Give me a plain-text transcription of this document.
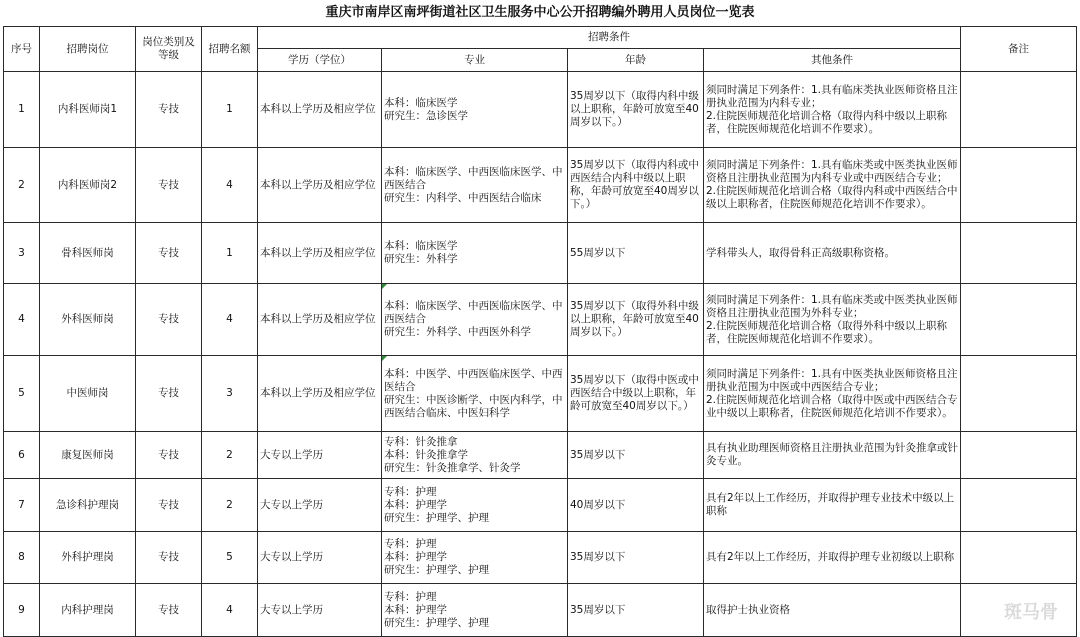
重庆市南岸区南坪街道社区卫生服务中心公开招聘编外聘用人员岗位一览表
序号	招聘岗位	岗位类别及等级	招聘名额	招聘条件				备注
				学历（学位）	专业	年龄	其他条件	
1	内科医师岗1	专技	1	本科以上学历及相应学位	本科：临床医学
研究生：急诊医学	35周岁以下（取得内科中级以上职称，年龄可放宽至40周岁以下。）	须同时满足下列条件：1.具有临床类执业医师资格且注册执业范围为内科专业；
2.住院医师规范化培训合格（取得内科中级以上职称者，住院医师规范化培训不作要求）。	

2	内科医师岗2	专技	4	本科以上学历及相应学位	本科：临床医学、中西医临床医学、中西医结合
研究生：内科学、中西医结合临床	35周岁以下（取得内科或中西医结合内科中级以上职称，年龄可放宽至40周岁以下。）	须同时满足下列条件：1.具有临床类或中医类执业医师资格且注册执业范围为内科专业或中西医结合专业；
2.住院医师规范化培训合格（取得内科或中西医结合中级以上职称者，住院医师规范化培训不作要求）。	

3	骨科医师岗	专技	1	本科以上学历及相应学位	本科：临床医学
研究生：外科学	55周岁以下	学科带头人，取得骨科正高级职称资格。	

4	外科医师岗	专技	4	本科以上学历及相应学位	本科：临床医学、中西医临床医学、中西医结合
研究生：外科学、中西医外科学	35周岁以下（取得外科中级以上职称，年龄可放宽至40周岁以下。）	须同时满足下列条件：1.具有临床类或中医类执业医师资格且注册执业范围为外科专业；
2.住院医师规范化培训合格（取得外科中级以上职称者，住院医师规范化培训不作要求）。	

5	中医师岗	专技	3	本科以上学历及相应学位	本科：中医学、中西医临床医学、中西医结合
研究生：中医诊断学、中医内科学，中西医结合临床、中医妇科学	35周岁以下（取得中医或中西医结合中级以上职称，年龄可放宽至40周岁以下。）	须同时满足下列条件：1.具有中医类执业医师资格且注册执业范围为中医或中西医结合专业；
2.住院医师规范化培训合格（取得中医或中西医结合专业中级以上职称者，住院医师规范化培训不作要求）。	

6	康复医师岗	专技	2	大专以上学历	专科：针灸推拿
本科：针灸推拿学
研究生：针灸推拿学、针灸学	35周岁以下	具有执业助理医师资格且注册执业范围为针灸推拿或针灸专业。	

7	急诊科护理岗	专技	2	大专以上学历	专科：护理
本科：护理学
研究生：护理学、护理	40周岁以下	具有2年以上工作经历，并取得护理专业技术中级以上职称	

8	外科护理岗	专技	5	大专以上学历	专科：护理
本科：护理学
研究生：护理学、护理	35周岁以下	具有2年以上工作经历，并取得护理专业初级以上职称	

9	内科护理岗	专技	4	大专以上学历	专科：护理
本科：护理学
研究生：护理学、护理	35周岁以下	取得护士执业资格	
		斑马骨
